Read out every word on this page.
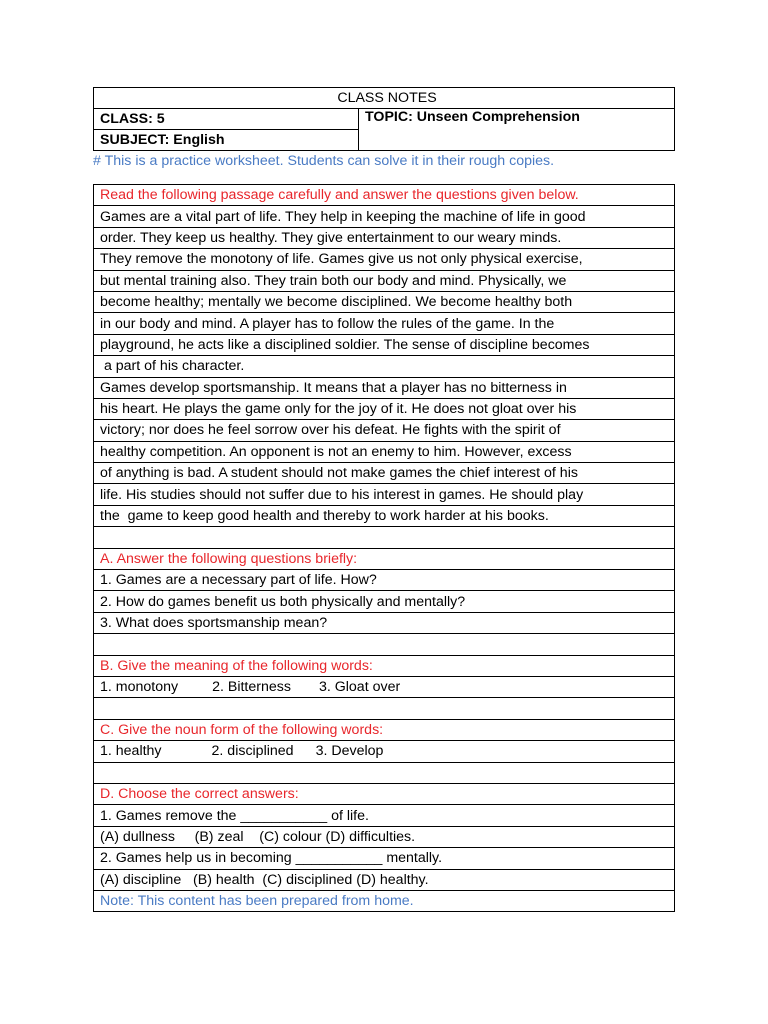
CLASS NOTES
CLASS: 5	TOPIC: Unseen Comprehension
SUBJECT: English
# This is a practice worksheet. Students can solve it in their rough copies.
Read the following passage carefully and answer the questions given below.
Games are a vital part of life. They help in keeping the machine of life in good
order. They keep us healthy. They give entertainment to our weary minds.
They remove the monotony of life. Games give us not only physical exercise,
but mental training also. They train both our body and mind. Physically, we
become healthy; mentally we become disciplined. We become healthy both
in our body and mind. A player has to follow the rules of the game. In the
playground, he acts like a disciplined soldier. The sense of discipline becomes
a part of his character.
Games develop sportsmanship. It means that a player has no bitterness in
his heart. He plays the game only for the joy of it. He does not gloat over his
victory; nor does he feel sorrow over his defeat. He fights with the spirit of
healthy competition. An opponent is not an enemy to him. However, excess
of anything is bad. A student should not make games the chief interest of his
life. His studies should not suffer due to his interest in games. He should play
the  game to keep good health and thereby to work harder at his books.

A. Answer the following questions briefly:
1. Games are a necessary part of life. How?
2. How do games benefit us both physically and mentally?
3. What does sportsmanship mean?

B. Give the meaning of the following words:
1. monotony 2. Bitterness 3. Gloat over

C. Give the noun form of the following words:
1. healthy	2. disciplined 3. Develop

D. Choose the correct answers:
1. Games remove the ___________ of life.
(A) dullness     (B) zeal    (C) colour (D) difficulties.
2. Games help us in becoming ___________ mentally.
(A) discipline   (B) health  (C) disciplined (D) healthy.
Note: This content has been prepared from home.
